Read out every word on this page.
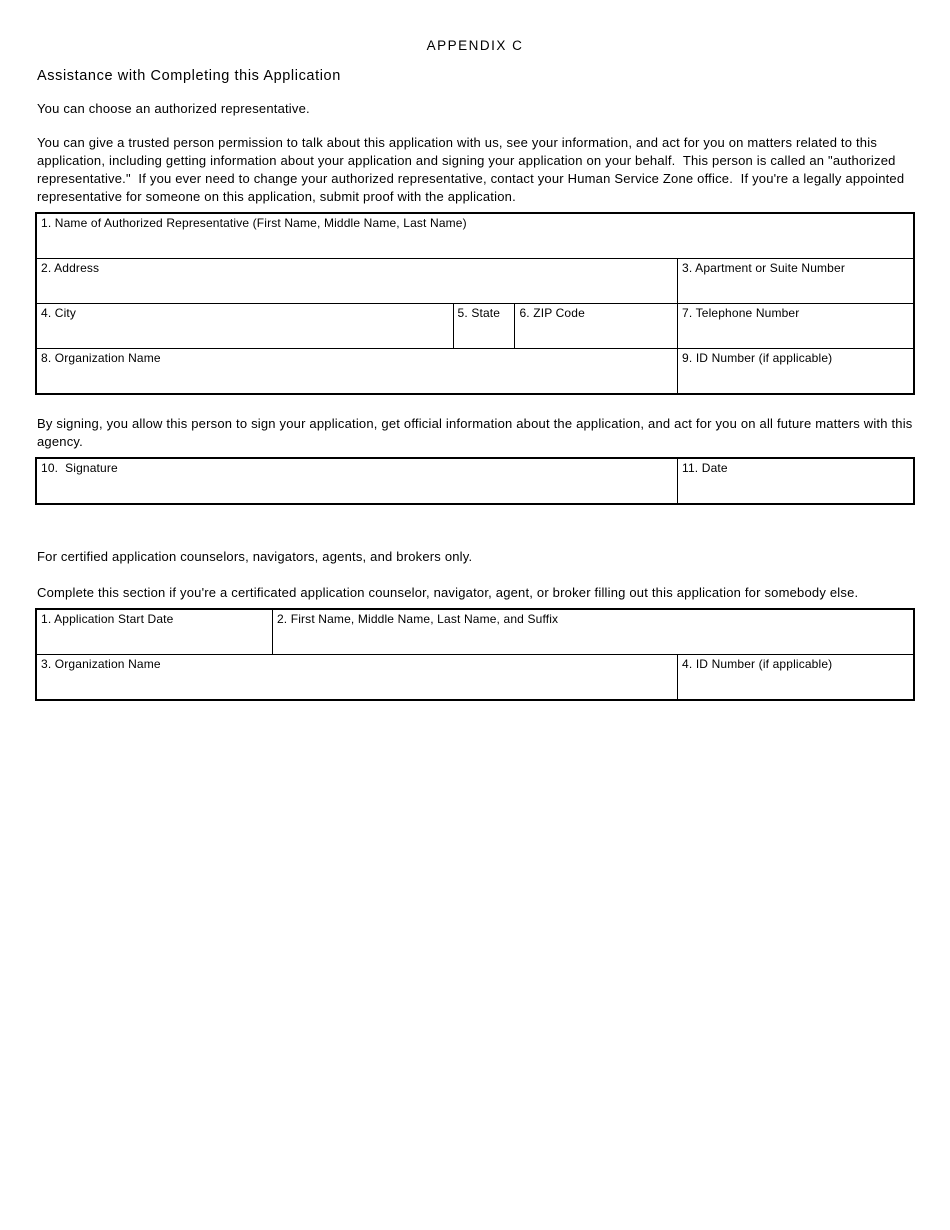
APPENDIX C
Assistance with Completing this Application

You can choose an authorized representative.

You can give a trusted person permission to talk about this application with us, see your information, and act for you on matters related to this application, including getting information about your application and signing your application on your behalf.  This person is called an "authorized representative."  If you ever need to change your authorized representative, contact your Human Service Zone office.  If you're a legally appointed representative for someone on this application, submit proof with the application.

1. Name of Authorized Representative (First Name, Middle Name, Last Name)			

2. Address			3. Apartment or Suite Number

4. City	5. State	6. ZIP Code	7. Telephone Number

8. Organization Name			9. ID Number (if applicable)

By signing, you allow this person to sign your application, get official information about the application, and act for you on all future matters with this agency.

10.  Signature	11. Date

For certified application counselors, navigators, agents, and brokers only.

Complete this section if you're a certificated application counselor, navigator, agent, or broker filling out this application for somebody else.

1. Application Start Date	2. First Name, Middle Name, Last Name, and Suffix	

3. Organization Name		4. ID Number (if applicable)
